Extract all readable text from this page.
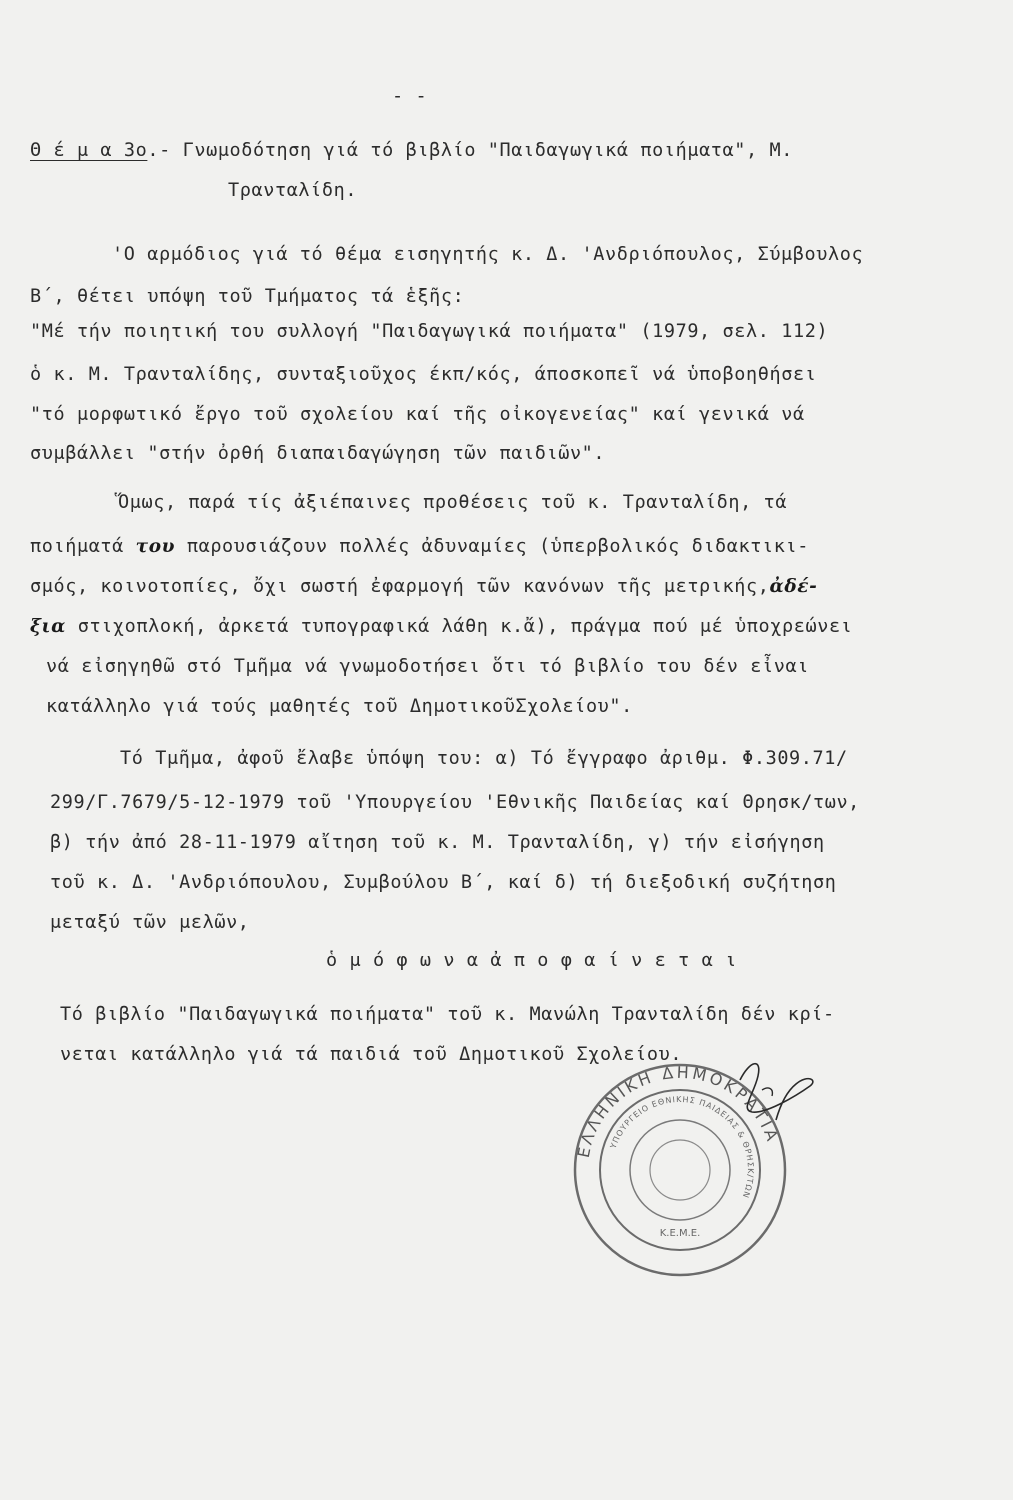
- -
Θ έ μ α 3ο.- Γνωμοδότηση γιά τό βιβλίο "Παιδαγωγικά ποιήματα", Μ.
Τρανταλίδη.
'Ο αρμόδιος γιά τό θέμα εισηγητής κ. Δ. 'Ανδριόπουλος, Σύμβουλος
Β΄, θέτει υπόψη τοῦ Τμήματος τά ἑξῆς:
"Μέ τήν ποιητική του συλλογή "Παιδαγωγικά ποιήματα" (1979, σελ. 112)
ὁ κ. Μ. Τρανταλίδης, συνταξιοῦχος έκπ/κός, άποσκοπεῖ νά ὑποβοηθήσει
"τό μορφωτικό ἔργο τοῦ σχολείου καί τῆς οἰκογενείας" καί γενικά νά
συμβάλλει "στήν ὀρθή διαπαιδαγώγηση τῶν παιδιῶν".
Ὅμως, παρά τίς ἀξιέπαινες προθέσεις τοῦ κ. Τρανταλίδη, τά
ποιήματά του παρουσιάζουν πολλές ἀδυναμίες (ὑπερβολικός διδακτικι-
σμός, κοινοτοπίες, ὄχι σωστή ἐφαρμογή τῶν κανόνων τῆς μετρικής,ἀδέ-
ξια στιχοπλοκή, ἀρκετά τυπογραφικά λάθη κ.ἄ), πράγμα πού μέ ὑποχρεώνει
νά εἰσηγηθῶ στό Τμῆμα νά γνωμοδοτήσει ὅτι τό βιβλίο του δέν εἶναι
κατάλληλο γιά τούς μαθητές τοῦ ΔημοτικοῦΣχολείου".
Τό Τμῆμα, ἀφοῦ ἔλαβε ὑπόψη του: α) Τό ἔγγραφο ἀριθμ. Φ.309.71/
299/Γ.7679/5-12-1979 τοῦ 'Υπουργείου 'Εθνικῆς Παιδείας καί Θρησκ/των,
β) τήν ἀπό 28-11-1979 αἴτηση τοῦ κ. Μ. Τρανταλίδη, γ) τήν εἰσήγηση
τοῦ κ. Δ. 'Ανδριόπουλου, Συμβούλου Β΄, καί δ) τή διεξοδική συζήτηση
μεταξύ τῶν μελῶν,
ὁ μ ό φ ω ν α ἀ π ο φ α ί ν ε τ α ι
Τό βιβλίο "Παιδαγωγικά ποιήματα" τοῦ κ. Μανώλη Τρανταλίδη δέν κρί-
νεται κατάλληλο γιά τά παιδιά τοῦ Δημοτικοῦ Σχολείου.
ΕΛΛΗΝΙΚΗ ΔΗΜΟΚΡΑΤΙΑ
ΥΠΟΥΡΓΕΙΟ ΕΘΝΙΚΗΣ ΠΑΙΔΕΙΑΣ & ΘΡΗΣΚ/ΤΩΝ
Κ.Ε.Μ.Ε.
